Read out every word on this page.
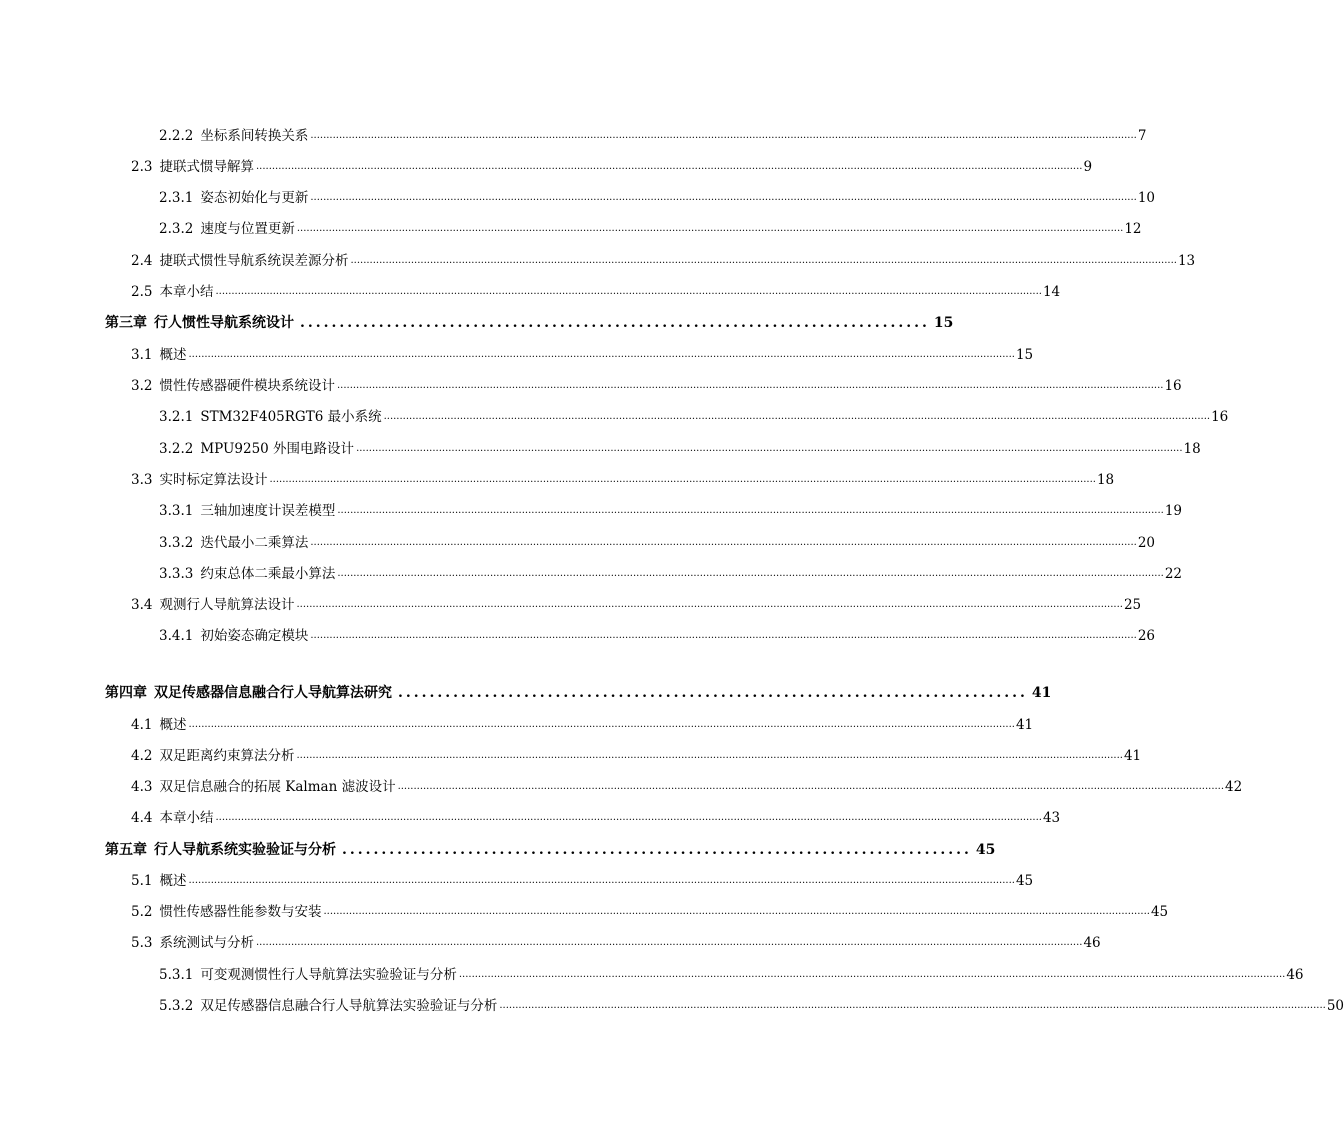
2.2.2 坐标系间转换关系 .................................................................................................................................................................................................................................................................... 7
2.3 捷联式惯导解算 .................................................................................................................................................................................................................................................................... 9
2.3.1 姿态初始化与更新 .................................................................................................................................................................................................................................................................... 10
2.3.2 速度与位置更新 .................................................................................................................................................................................................................................................................... 12
2.4 捷联式惯性导航系统误差源分析 .................................................................................................................................................................................................................................................................... 13
2.5 本章小结 .................................................................................................................................................................................................................................................................... 14
第三章 行人惯性导航系统设计 ................................................................................ 15
3.1 概述 .................................................................................................................................................................................................................................................................... 15
3.2 惯性传感器硬件模块系统设计 .................................................................................................................................................................................................................................................................... 16
3.2.1 STM32F405RGT6 最小系统 .................................................................................................................................................................................................................................................................... 16
3.2.2 MPU9250 外围电路设计 .................................................................................................................................................................................................................................................................... 18
3.3 实时标定算法设计 .................................................................................................................................................................................................................................................................... 18
3.3.1 三轴加速度计误差模型 .................................................................................................................................................................................................................................................................... 19
3.3.2 迭代最小二乘算法 .................................................................................................................................................................................................................................................................... 20
3.3.3 约束总体二乘最小算法 .................................................................................................................................................................................................................................................................... 22
3.4 观测行人导航算法设计 .................................................................................................................................................................................................................................................................... 25
3.4.1 初始姿态确定模块 .................................................................................................................................................................................................................................................................... 26
第四章 双足传感器信息融合行人导航算法研究 ................................................................................ 41
4.1 概述 .................................................................................................................................................................................................................................................................... 41
4.2 双足距离约束算法分析 .................................................................................................................................................................................................................................................................... 41
4.3 双足信息融合的拓展 Kalman 滤波设计 .................................................................................................................................................................................................................................................................... 42
4.4 本章小结 .................................................................................................................................................................................................................................................................... 43
第五章 行人导航系统实验验证与分析 ................................................................................ 45
5.1 概述 .................................................................................................................................................................................................................................................................... 45
5.2 惯性传感器性能参数与安装 .................................................................................................................................................................................................................................................................... 45
5.3 系统测试与分析 .................................................................................................................................................................................................................................................................... 46
5.3.1 可变观测惯性行人导航算法实验验证与分析 .................................................................................................................................................................................................................................................................... 46
5.3.2 双足传感器信息融合行人导航算法实验验证与分析 .................................................................................................................................................................................................................................................................... 50
